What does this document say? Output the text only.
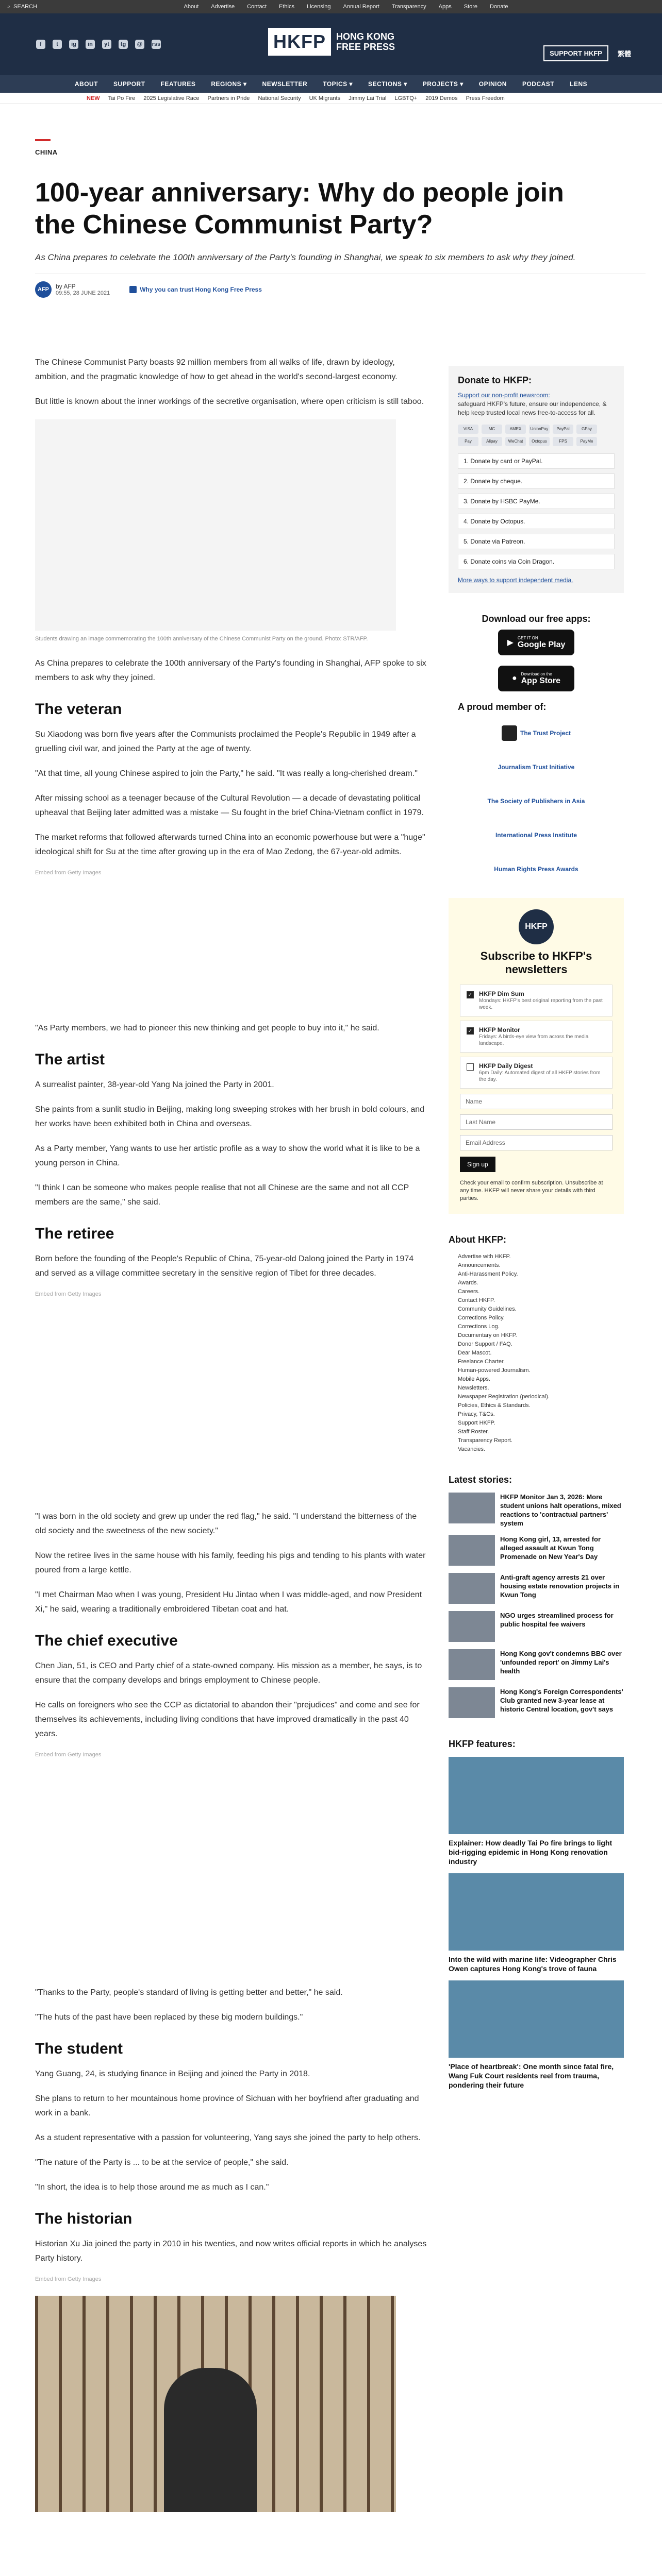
⌕ SEARCH	About Advertise Contact Ethics Licensing Annual Report Transparency Apps Store Donate
f	t	ig	in	yt	tg	@	rss	HKFP	HONG KONG
FREE PRESS
SUPPORT HKFP	繁體
ABOUT	SUPPORT	FEATURES	REGIONS ▾	NEWSLETTER	TOPICS ▾	SECTIONS ▾	PROJECTS ▾	OPINION	PODCAST	LENS
NEW Tai Po Fire 2025 Legislative Race Partners in Pride National Security UK Migrants Jimmy Lai Trial LGBTQ+ 2019 Demos Press Freedom
CHINA
100-year anniversary: Why do people join the Chinese Communist Party?
As China prepares to celebrate the 100th anniversary of the Party's founding in Shanghai, we speak to six members to ask why they joined.
AFP	by AFP
09:55, 28 JUNE 2021	Why you can trust Hong Kong Free Press

The Chinese Communist Party boasts 92 million members from all walks of life, drawn by ideology, ambition, and the pragmatic knowledge of how to get ahead in the world's second-largest economy.

But little is known about the inner workings of the secretive organisation, where open criticism is still taboo.

Students drawing an image commemorating the 100th anniversary of the Chinese Communist Party on the ground. Photo: STR/AFP.

As China prepares to celebrate the 100th anniversary of the Party's founding in Shanghai, AFP spoke to six members to ask why they joined.

The veteran

Su Xiaodong was born five years after the Communists proclaimed the People's Republic in 1949 after a gruelling civil war, and joined the Party at the age of twenty.

"At that time, all young Chinese aspired to join the Party," he said. "It was really a long-cherished dream."

After missing school as a teenager because of the Cultural Revolution — a decade of devastating political upheaval that Beijing later admitted was a mistake — Su fought in the brief China-Vietnam conflict in 1979.

The market reforms that followed afterwards turned China into an economic powerhouse but were a "huge" ideological shift for Su at the time after growing up in the era of Mao Zedong, the 67-year-old admits.

Embed from Getty Images

"As Party members, we had to pioneer this new thinking and get people to buy into it," he said.

The artist

A surrealist painter, 38-year-old Yang Na joined the Party in 2001.

She paints from a sunlit studio in Beijing, making long sweeping strokes with her brush in bold colours, and her works have been exhibited both in China and overseas.

As a Party member, Yang wants to use her artistic profile as a way to show the world what it is like to be a young person in China.

"I think I can be someone who makes people realise that not all Chinese are the same and not all CCP members are the same," she said.

The retiree

Born before the founding of the People's Republic of China, 75-year-old Dalong joined the Party in 1974 and served as a village committee secretary in the sensitive region of Tibet for three decades.

Embed from Getty Images

"I was born in the old society and grew up under the red flag," he said. "I understand the bitterness of the old society and the sweetness of the new society."

Now the retiree lives in the same house with his family, feeding his pigs and tending to his plants with water poured from a large kettle.

"I met Chairman Mao when I was young, President Hu Jintao when I was middle-aged, and now President Xi," he said, wearing a traditionally embroidered Tibetan coat and hat.

The chief executive

Chen Jian, 51, is CEO and Party chief of a state-owned company. His mission as a member, he says, is to ensure that the company develops and brings employment to Chinese people.

He calls on foreigners who see the CCP as dictatorial to abandon their "prejudices" and come and see for themselves its achievements, including living conditions that have improved dramatically in the past 40 years.

Embed from Getty Images

"Thanks to the Party, people's standard of living is getting better and better," he said.

"The huts of the past have been replaced by these big modern buildings."

The student

Yang Guang, 24, is studying finance in Beijing and joined the Party in 2018.

She plans to return to her mountainous home province of Sichuan with her boyfriend after graduating and work in a bank.

As a student representative with a passion for volunteering, Yang says she joined the party to help others.

"The nature of the Party is ... to be at the service of people," she said.

"In short, the idea is to help those around me as much as I can."

The historian

Historian Xu Jia joined the party in 2010 in his twenties, and now writes official reports in which he analyses Party history.

Embed from Getty Images
Donate to HKFP:

Support our non-profit newsroom:
safeguard HKFP's future, ensure our independence, & help keep trusted local news free-to-access for all.

VISA	MC	AMEX	UnionPay	PayPal	GPay
Pay	Alipay	WeChat	Octopus	FPS	PayMe
1. Donate by card or PayPal.
2. Donate by cheque.
3. Donate by HSBC PayMe.
4. Donate by Octopus.
5. Donate via Patreon.
6. Donate coins via Coin Dragon.
More ways to support independent media.
Download our free apps:
▶
GET IT ON
Google Play
● Download on the
App Store
A proud member of:
The Trust Project
Journalism Trust Initiative
The Society of Publishers in Asia
International Press Institute
Human Rights Press Awards
HKFP
Subscribe to HKFP's newsletters
✓ HKFP Dim Sum
Mondays: HKFP's best original reporting from the past week.
✓ HKFP Monitor
Fridays: A birds-eye view from across the media landscape.
HKFP Daily Digest
6pm Daily: Automated digest of all HKFP stories from the day.
Name
Last Name
Email Address
Sign up
Check your email to confirm subscription. Unsubscribe at any time. HKFP will never share your details with third parties.
About HKFP:
Advertise with HKFP.
Announcements.
Anti-Harassment Policy.
Awards.
Careers.
Contact HKFP.
Community Guidelines.
Corrections Policy.
Corrections Log.
Documentary on HKFP.
Donor Support / FAQ.
Dear Mascot.
Freelance Charter.
Human-powered Journalism.
Mobile Apps.
Newsletters.
Newspaper Registration (periodical).
Policies, Ethics & Standards.
Privacy, T&Cs.
Support HKFP.
Staff Roster.
Transparency Report.
Vacancies.
Latest stories:
HKFP Monitor Jan 3, 2026: More student unions halt operations, mixed reactions to 'contractual partners' system
Hong Kong girl, 13, arrested for alleged assault at Kwun Tong Promenade on New Year's Day
Anti-graft agency arrests 21 over housing estate renovation projects in Kwun Tong
NGO urges streamlined process for public hospital fee waivers
Hong Kong gov't condemns BBC over 'unfounded report' on Jimmy Lai's health
Hong Kong's Foreign Correspondents' Club granted new 3-year lease at historic Central location, gov't says
HKFP features:
Explainer: How deadly Tai Po fire brings to light bid-rigging epidemic in Hong Kong renovation industry
Into the wild with marine life: Videographer Chris Owen captures Hong Kong's trove of fauna
'Place of heartbreak': One month since fatal fire, Wang Fuk Court residents reel from trauma, pondering their future
